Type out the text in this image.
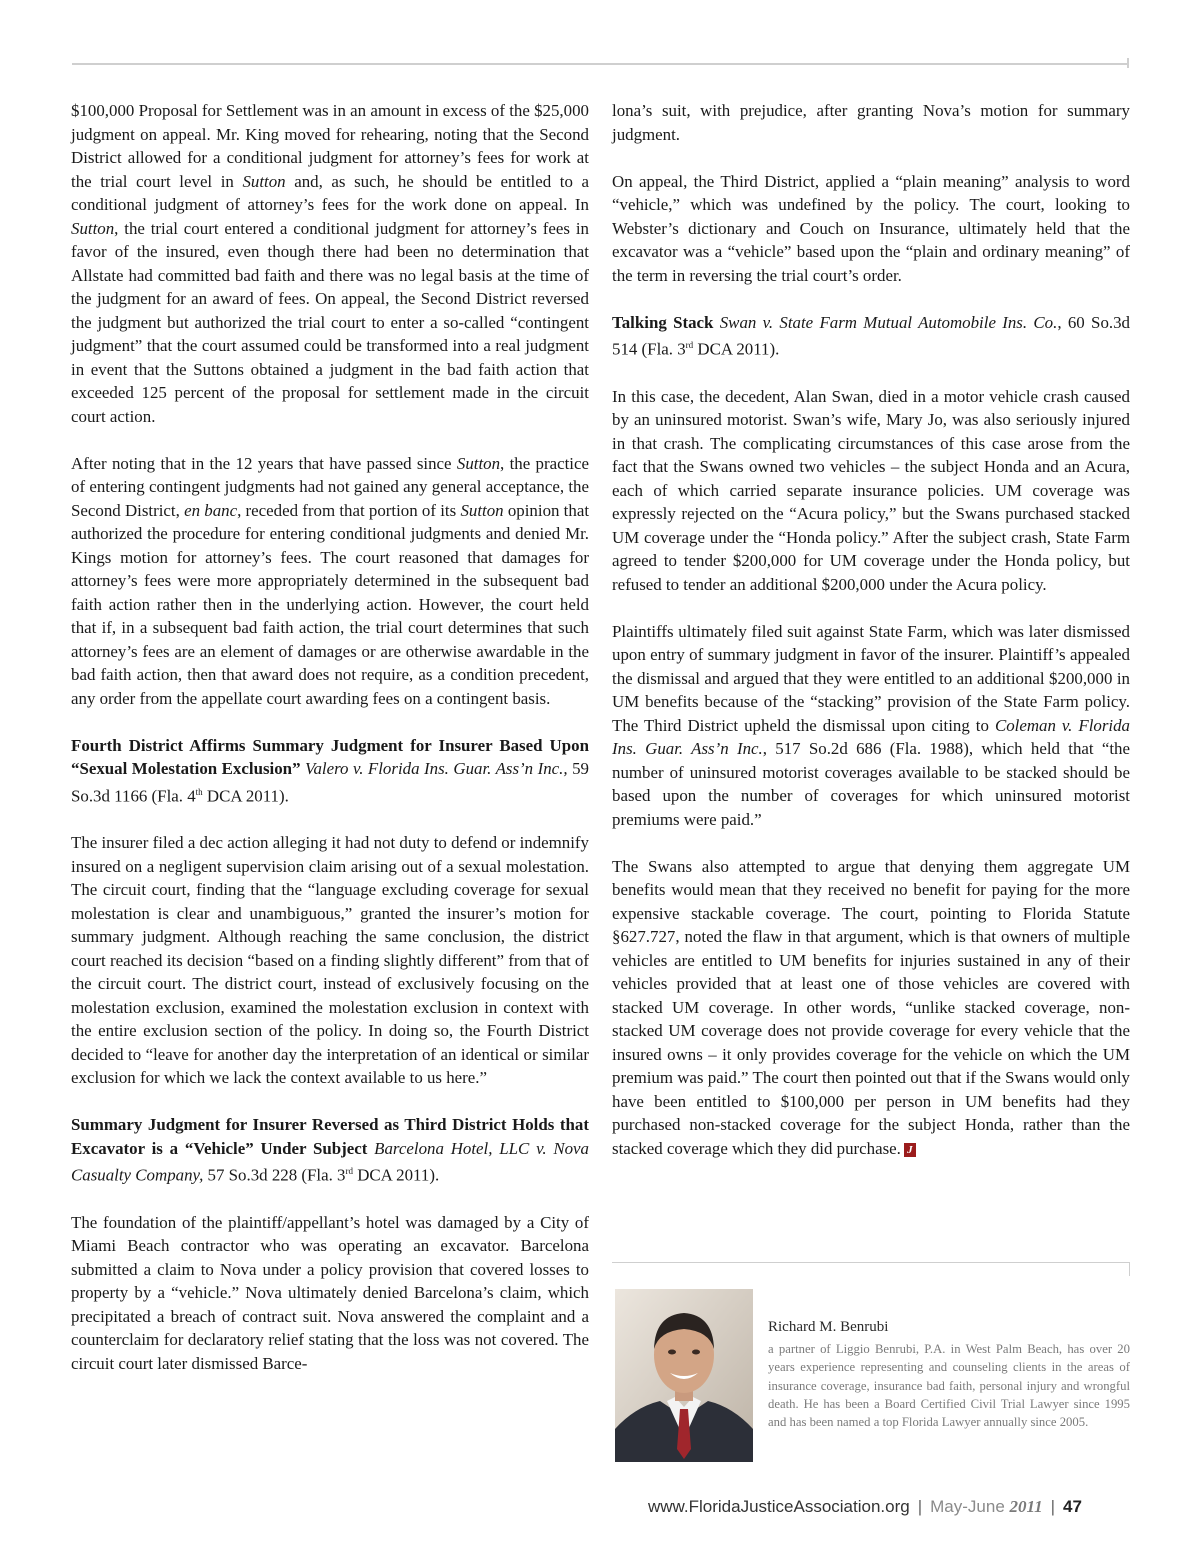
$100,000 Proposal for Settlement was in an amount in excess of the $25,000 judgment on appeal. Mr. King moved for rehearing, noting that the Second District allowed for a conditional judgment for attorney’s fees for work at the trial court level in Sutton and, as such, he should be entitled to a conditional judgment of attorney’s fees for the work done on appeal. In Sutton, the trial court entered a conditional judgment for attorney’s fees in favor of the insured, even though there had been no determination that Allstate had committed bad faith and there was no legal basis at the time of the judgment for an award of fees. On appeal, the Second District reversed the judgment but authorized the trial court to enter a so-called “contingent judgment” that the court assumed could be transformed into a real judgment in event that the Suttons obtained a judgment in the bad faith action that exceeded 125 percent of the proposal for settlement made in the circuit court action.

After noting that in the 12 years that have passed since Sutton, the practice of entering contingent judgments had not gained any general acceptance, the Second District, en banc, receded from that portion of its Sutton opinion that authorized the procedure for entering conditional judgments and denied Mr. Kings motion for attorney’s fees. The court reasoned that damages for attorney’s fees were more appropriately determined in the subsequent bad faith action rather then in the underlying action. However, the court held that if, in a subsequent bad faith action, the trial court determines that such attorney’s fees are an element of damages or are otherwise awardable in the bad faith action, then that award does not require, as a condition precedent, any order from the appellate court awarding fees on a contingent basis.

Fourth District Affirms Summary Judgment for Insurer Based Upon “Sexual Molestation Exclusion” Valero v. Florida Ins. Guar. Ass’n Inc., 59 So.3d 1166 (Fla. 4th DCA 2011).

The insurer filed a dec action alleging it had not duty to defend or indemnify insured on a negligent supervision claim arising out of a sexual molestation. The circuit court, finding that the “language excluding coverage for sexual molestation is clear and unambiguous,” granted the insurer’s motion for summary judgment. Although reaching the same conclusion, the district court reached its decision “based on a finding slightly different” from that of the circuit court. The district court, instead of exclusively focusing on the molestation exclusion, examined the molestation exclusion in context with the entire exclusion section of the policy. In doing so, the Fourth District decided to “leave for another day the interpretation of an identical or similar exclusion for which we lack the context available to us here.”

Summary Judgment for Insurer Reversed as Third District Holds that Excavator is a “Vehicle” Under Subject Barcelona Hotel, LLC v. Nova Casualty Company, 57 So.3d 228 (Fla. 3rd DCA 2011).

The foundation of the plaintiff/appellant’s hotel was damaged by a City of Miami Beach contractor who was operating an excavator. Barcelona submitted a claim to Nova under a policy provision that covered losses to property by a “vehicle.” Nova ultimately denied Barcelona’s claim, which precipitated a breach of contract suit. Nova answered the complaint and a counterclaim for declaratory relief stating that the loss was not covered. The circuit court later dismissed Barce-

lona’s suit, with prejudice, after granting Nova’s motion for summary judgment.

On appeal, the Third District, applied a “plain meaning” analysis to word “vehicle,” which was undefined by the policy. The court, looking to Webster’s dictionary and Couch on Insurance, ultimately held that the excavator was a “vehicle” based upon the “plain and ordinary meaning” of the term in reversing the trial court’s order.

Talking Stack Swan v. State Farm Mutual Automobile Ins. Co., 60 So.3d 514 (Fla. 3rd DCA 2011).

In this case, the decedent, Alan Swan, died in a motor vehicle crash caused by an uninsured motorist. Swan’s wife, Mary Jo, was also seriously injured in that crash. The complicating circumstances of this case arose from the fact that the Swans owned two vehicles – the subject Honda and an Acura, each of which carried separate insurance policies. UM coverage was expressly rejected on the “Acura policy,” but the Swans purchased stacked UM coverage under the “Honda policy.” After the subject crash, State Farm agreed to tender $200,000 for UM coverage under the Honda policy, but refused to tender an additional $200,000 under the Acura policy.

Plaintiffs ultimately filed suit against State Farm, which was later dismissed upon entry of summary judgment in favor of the insurer. Plaintiff’s appealed the dismissal and argued that they were entitled to an additional $200,000 in UM benefits because of the “stacking” provision of the State Farm policy. The Third District upheld the dismissal upon citing to Coleman v. Florida Ins. Guar. Ass’n Inc., 517 So.2d 686 (Fla. 1988), which held that “the number of uninsured motorist coverages available to be stacked should be based upon the number of coverages for which uninsured motorist premiums were paid.”

The Swans also attempted to argue that denying them aggregate UM benefits would mean that they received no benefit for paying for the more expensive stackable coverage. The court, pointing to Florida Statute §627.727, noted the flaw in that argument, which is that owners of multiple vehicles are entitled to UM benefits for injuries sustained in any of their vehicles provided that at least one of those vehicles are covered with stacked UM coverage. In other words, “unlike stacked coverage, non-stacked UM coverage does not provide coverage for every vehicle that the insured owns – it only provides coverage for the vehicle on which the UM premium was paid.” The court then pointed out that if the Swans would only have been entitled to $100,000 per person in UM benefits had they purchased non-stacked coverage for the subject Honda, rather than the stacked coverage which they did purchase. J

Richard M. Benrubi
a partner of Liggio Benrubi, P.A. in West Palm Beach, has over 20 years experience representing and counseling clients in the areas of insurance coverage, insurance bad faith, personal injury and wrongful death. He has been a Board Certified Civil Trial Lawyer since 1995 and has been named a top Florida Lawyer annually since 2005.
www.FloridaJusticeAssociation.org | May-June 2011 | 47
